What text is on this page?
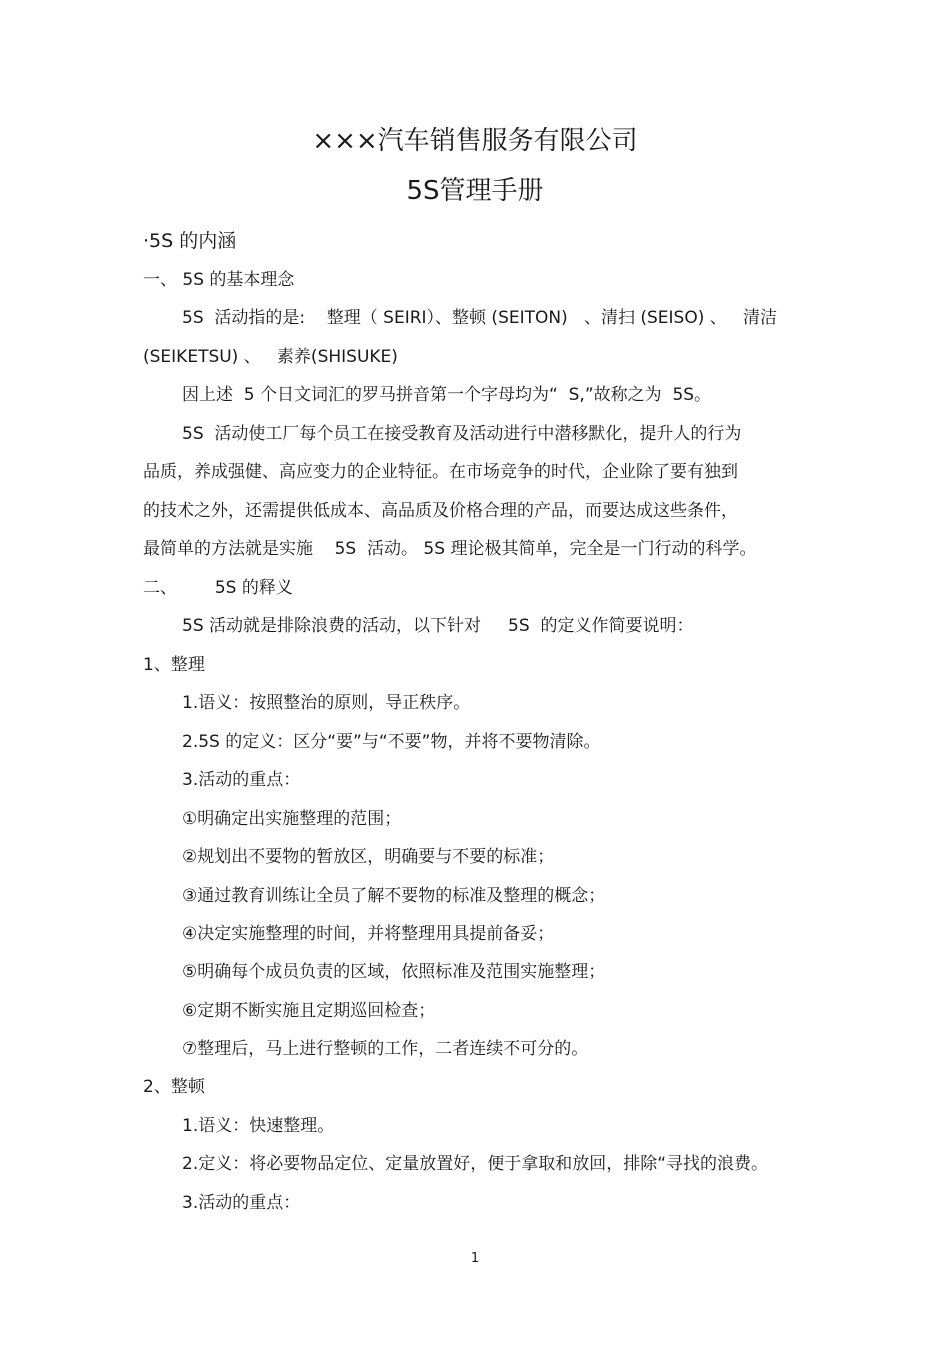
×××汽车销售服务有限公司
5S管理手册
·5S 的内涵
一、 5S 的基本理念
5S  活动指的是:    整理（ SEIRI）、整顿 (SEITON)   、清扫 (SEISO) 、   清洁
(SEIKETSU) 、   素养(SHISUKE)
因上述  5 个日文词汇的罗马拼音第一个字母均为“  S,”故称之为  5S。
5S  活动使工厂每个员工在接受教育及活动进行中潜移默化，提升人的行为
品质，养成强健、高应变力的企业特征。在市场竞争的时代，企业除了要有独到
的技术之外，还需提供低成本、高品质及价格合理的产品，而要达成这些条件，
最简单的方法就是实施    5S  活动。 5S 理论极其简单，完全是一门行动的科学。
二、       5S 的释义
5S 活动就是排除浪费的活动，以下针对     5S  的定义作简要说明：
1、整理
1.语义：按照整治的原则，导正秩序。
2.5S 的定义：区分“要”与“不要”物，并将不要物清除。
3.活动的重点：
①明确定出实施整理的范围；
②规划出不要物的暂放区，明确要与不要的标准；
③通过教育训练让全员了解不要物的标准及整理的概念；
④决定实施整理的时间，并将整理用具提前备妥；
⑤明确每个成员负责的区域，依照标准及范围实施整理；
⑥定期不断实施且定期巡回检查；
⑦整理后，马上进行整顿的工作，二者连续不可分的。
2、整顿
1.语义：快速整理。
2.定义：将必要物品定位、定量放置好，便于拿取和放回，排除“寻找的浪费。
3.活动的重点：
1
